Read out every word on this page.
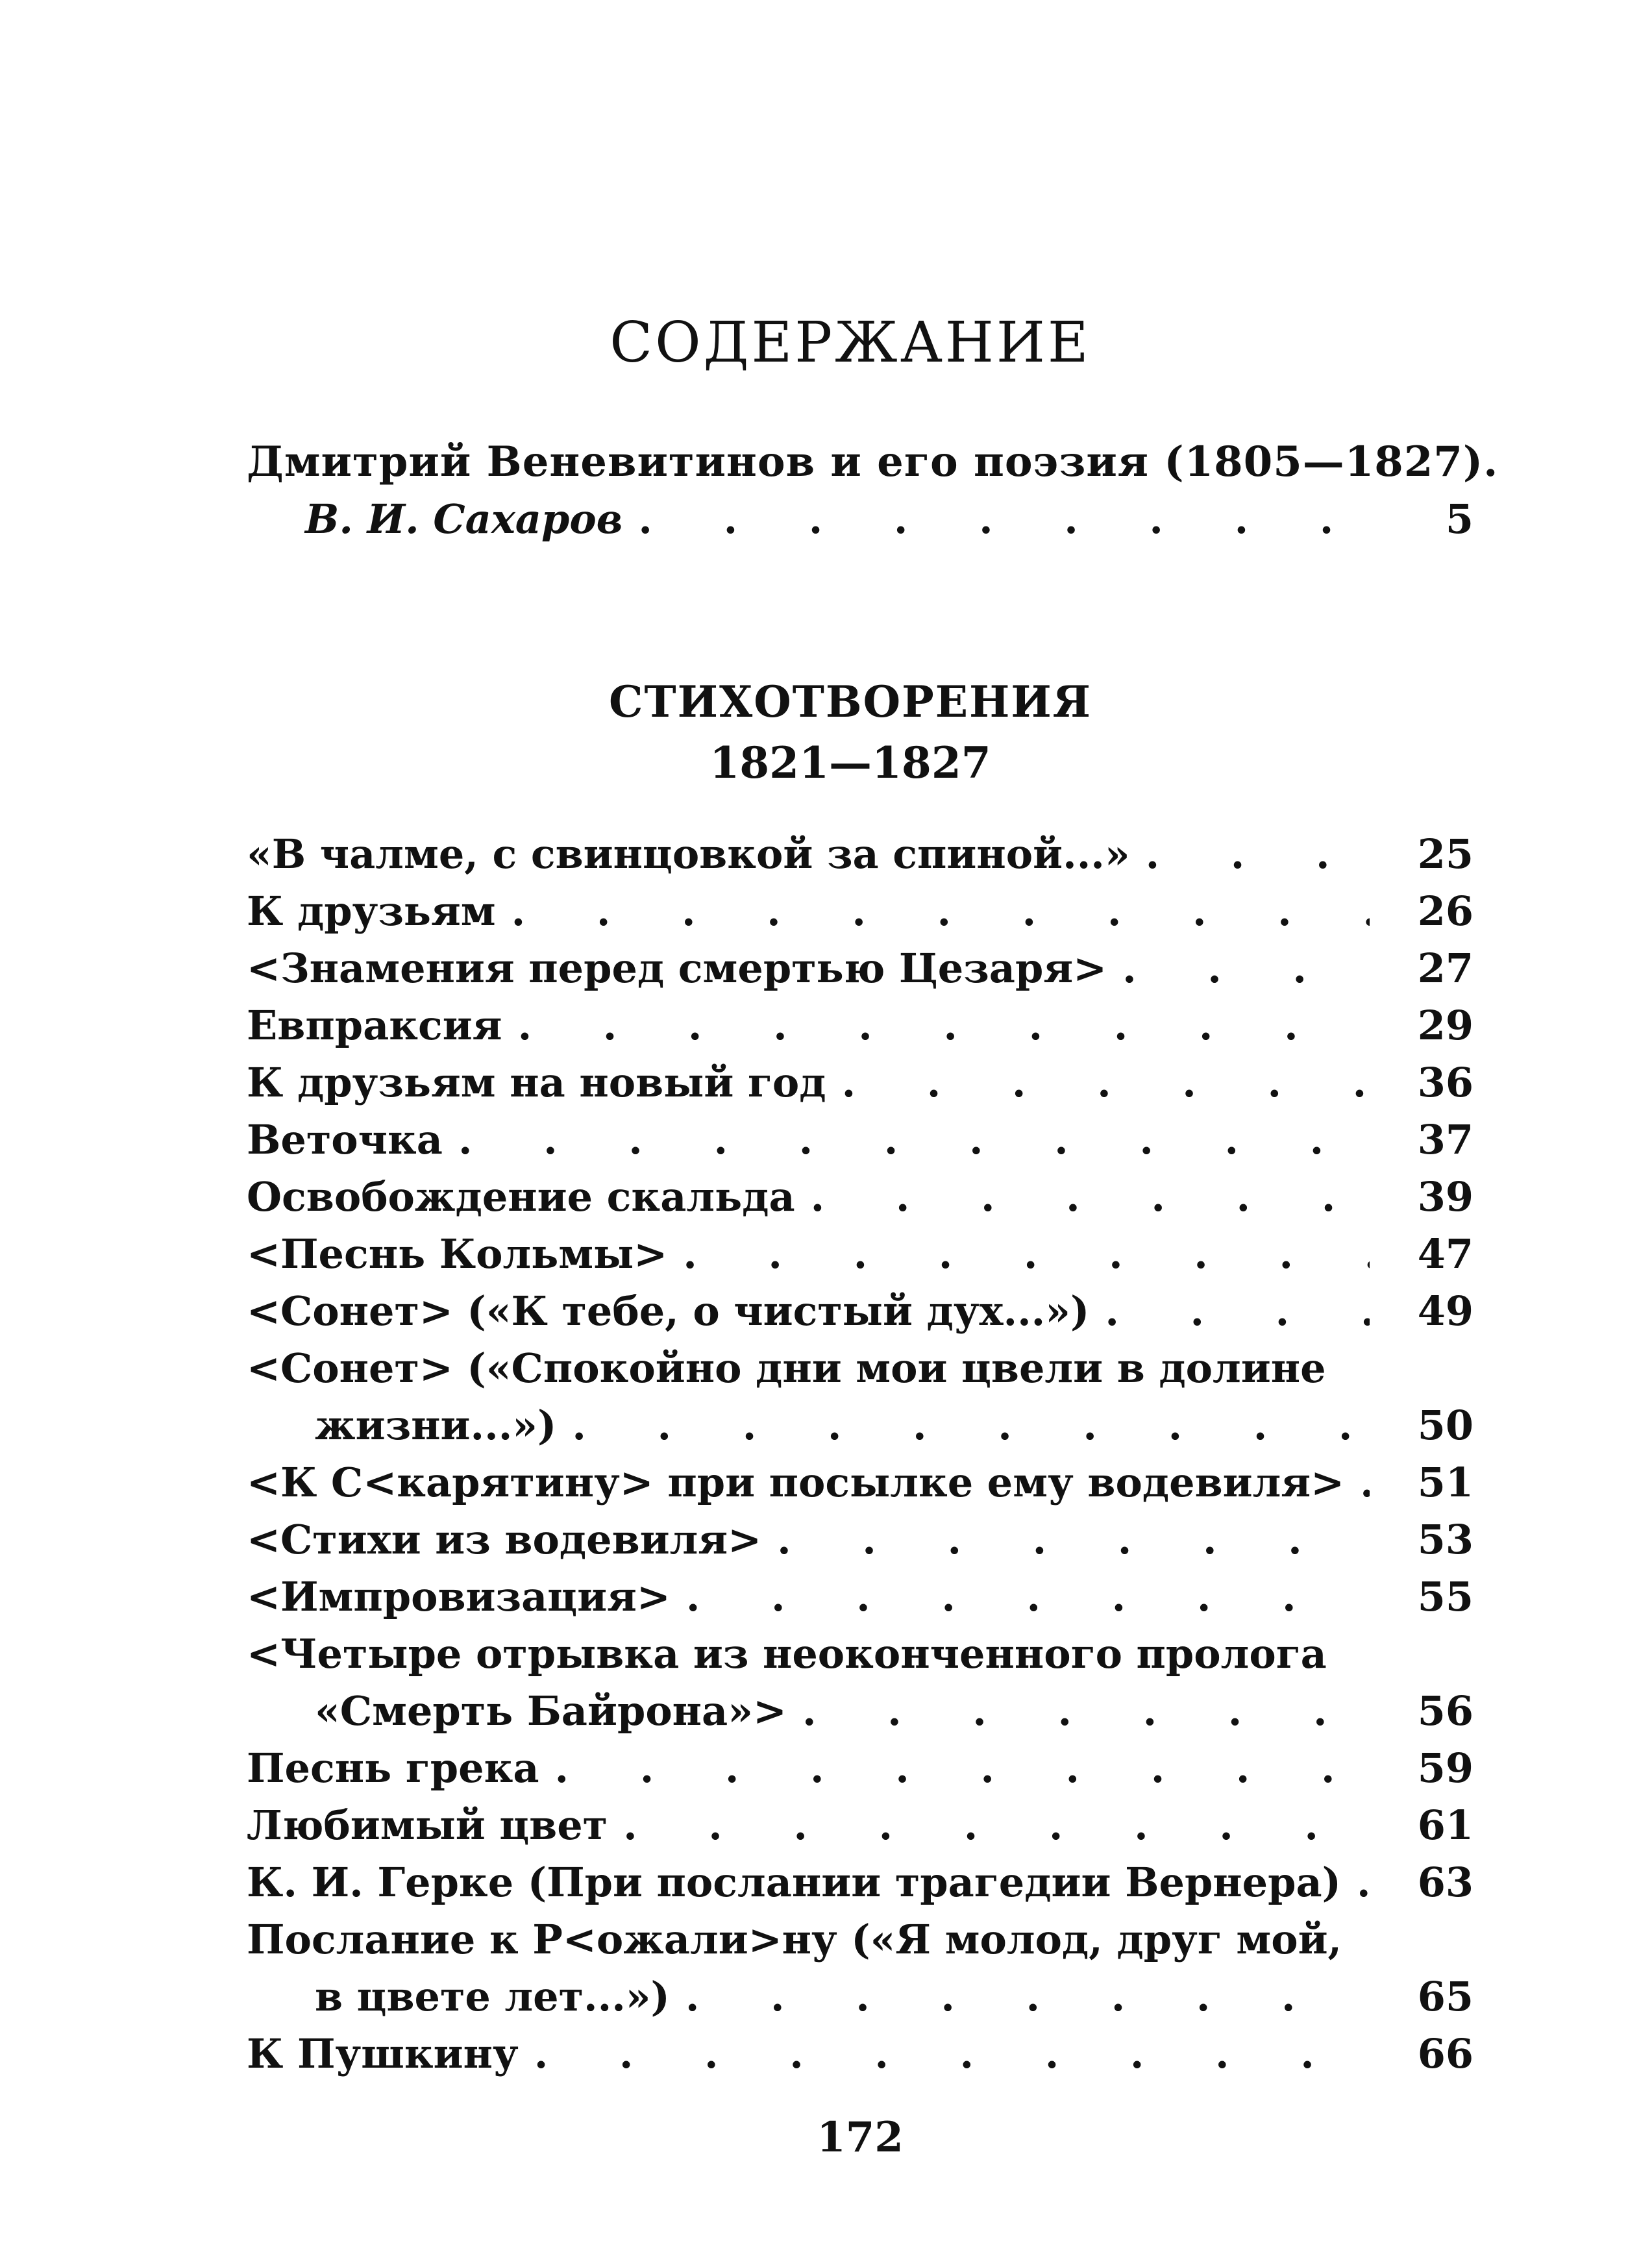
СОДЕРЖАНИЕ
Дмитрий Веневитинов и его поэзия (1805—1827).
В. И. Сахаров . . .	5
СТИХОТВОРЕНИЯ
1821—1827
«В чалме, с свинцовкой за спиной...» . . .	25
К друзьям . . .	26
<Знамения перед смертью Цезаря> . . .	27
Евпраксия . . .	29
К друзьям на новый год . . .	36
Веточка . . .	37
Освобождение скальда . . .	39
<Песнь Кольмы> . . .	47
<Сонет> («К тебе, о чистый дух...») . . .	49
<Сонет> («Спокойно дни мои цвели в долине
жизни...») . . .	50
<К С<карятину> при посылке ему водевиля> . . .	51
<Стихи из водевиля> . . .	53
<Импровизация> . . .	55
<Четыре отрывка из неоконченного пролога
«Смерть Байрона»> . . .	56
Песнь грека . . .	59
Любимый цвет . . .	61
К. И. Герке (При послании трагедии Вернера) . . .	63
Послание к Р<ожали>ну («Я молод, друг мой,
в цвете лет...») . . .	65
К Пушкину . . .	66
172
